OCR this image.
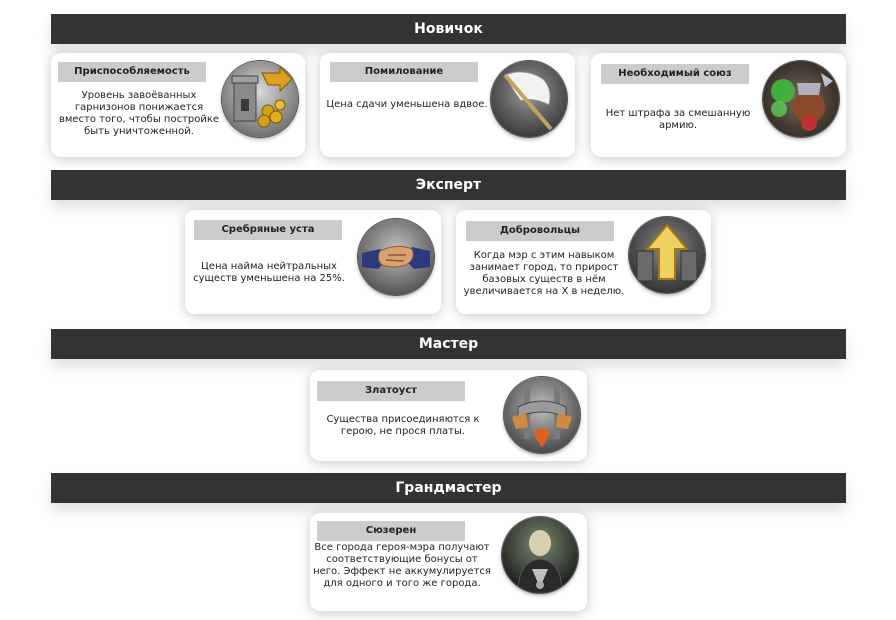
Новичок
Приспособляемость
Уровень завоёванных гарнизонов понижается вместо того, чтобы постройке быть уничтоженной.
Помилование
Цена сдачи уменьшена вдвое.
Необходимый союз
Нет штрафа за смешанную армию.
Эксперт
Сребряные уста
Цена найма нейтральных существ уменьшена на 25%.
Добровольцы
Когда мэр с этим навыком занимает город, то прирост базовых существ в нём увеличивается на X в неделю.
Мастер
Златоуст
Существа присоединяются к герою, не прося платы.
Грандмастер
Сюзерен
Все города героя-мэра получают соответствующие бонусы от него. Эффект не аккумулируется для одного и того же города.
